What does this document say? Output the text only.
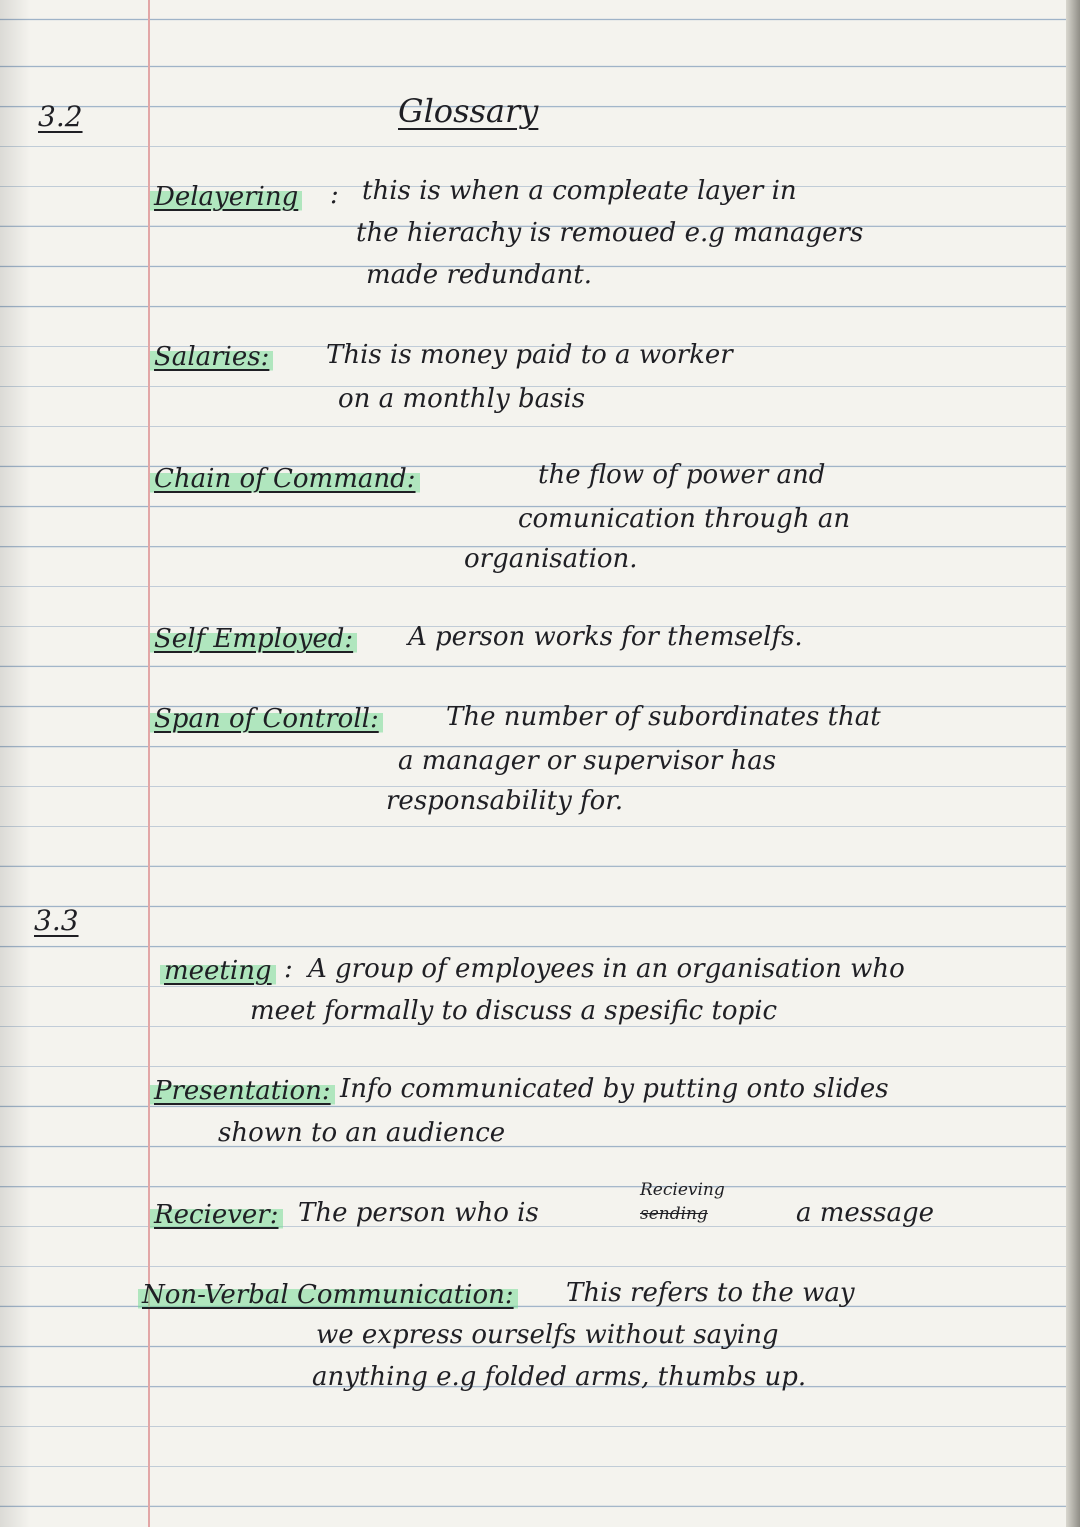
3.2	Glossary
Delayering : this is when a compleate layer in
the hierachy is remoued e.g managers
made redundant.
Salaries: This is money paid to a worker
on a monthly basis
Chain of Command:	the flow of power and
comunication through an
organisation.
Self Employed: A person works for themselfs.
Span of Controll:	The number of subordinates that
a manager or supervisor has
responsability for.
3.3
meeting : A group of employees in an organisation who
meet formally to discuss a spesific topic
Presentation: Info communicated by putting onto slides
shown to an audience
Reciever: The person who is
Recieving
sending	a message
Non-Verbal Communication: This refers to the way
we express ourselfs without saying
anything e.g folded arms, thumbs up.
